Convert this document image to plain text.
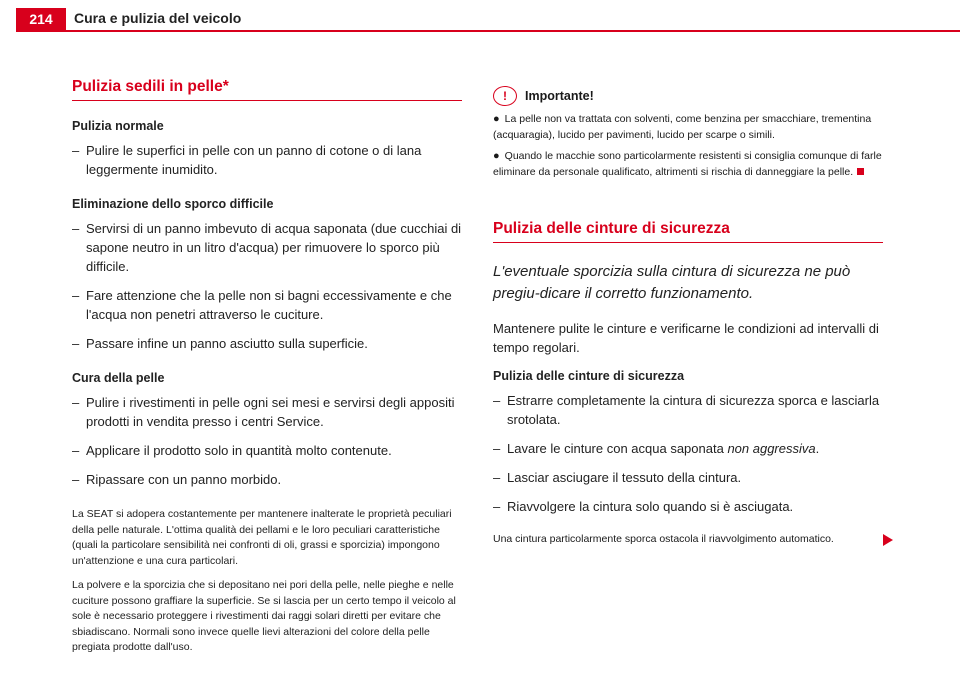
214	Cura e pulizia del veicolo
Pulizia sedili in pelle*
Pulizia normale
– Pulire le superfici in pelle con un panno di cotone o di lana leggermente inumidito.
Eliminazione dello sporco difficile
– Servirsi di un panno imbevuto di acqua saponata (due cucchiai di sapone neutro in un litro d'acqua) per rimuovere lo sporco più difficile.
– Fare attenzione che la pelle non si bagni eccessivamente e che l'acqua non penetri attraverso le cuciture.
– Passare infine un panno asciutto sulla superficie.
Cura della pelle
– Pulire i rivestimenti in pelle ogni sei mesi e servirsi degli appositi prodotti in vendita presso i centri Service.
– Applicare il prodotto solo in quantità molto contenute.
– Ripassare con un panno morbido.
La SEAT si adopera costantemente per mantenere inalterate le proprietà peculiari della pelle naturale. L'ottima qualità dei pellami e le loro peculiari caratteristiche (quali la particolare sensibilità nei confronti di oli, grassi e sporcizia) impongono un'attenzione e una cura particolari.
La polvere e la sporcizia che si depositano nei pori della pelle, nelle pieghe e nelle cuciture possono graffiare la superficie. Se si lascia per un certo tempo il veicolo al sole è necessario proteggere i rivestimenti dai raggi solari diretti per evitare che sbiadiscano. Normali sono invece quelle lievi alterazioni del colore della pelle pregiata prodotte dall'uso.
!	Importante!
● La pelle non va trattata con solventi, come benzina per smacchiare, trementina (acquaragia), lucido per pavimenti, lucido per scarpe o simili.
● Quando le macchie sono particolarmente resistenti si consiglia comunque di farle eliminare da personale qualificato, altrimenti si rischia di danneggiare la pelle.
Pulizia delle cinture di sicurezza
L'eventuale sporcizia sulla cintura di sicurezza ne può pregiu-dicare il corretto funzionamento.
Mantenere pulite le cinture e verificarne le condizioni ad intervalli di tempo regolari.
Pulizia delle cinture di sicurezza
– Estrarre completamente la cintura di sicurezza sporca e lasciarla srotolata.
– Lavare le cinture con acqua saponata non aggressiva.
– Lasciar asciugare il tessuto della cintura.
– Riavvolgere la cintura solo quando si è asciugata.
Una cintura particolarmente sporca ostacola il riavvolgimento automatico.
